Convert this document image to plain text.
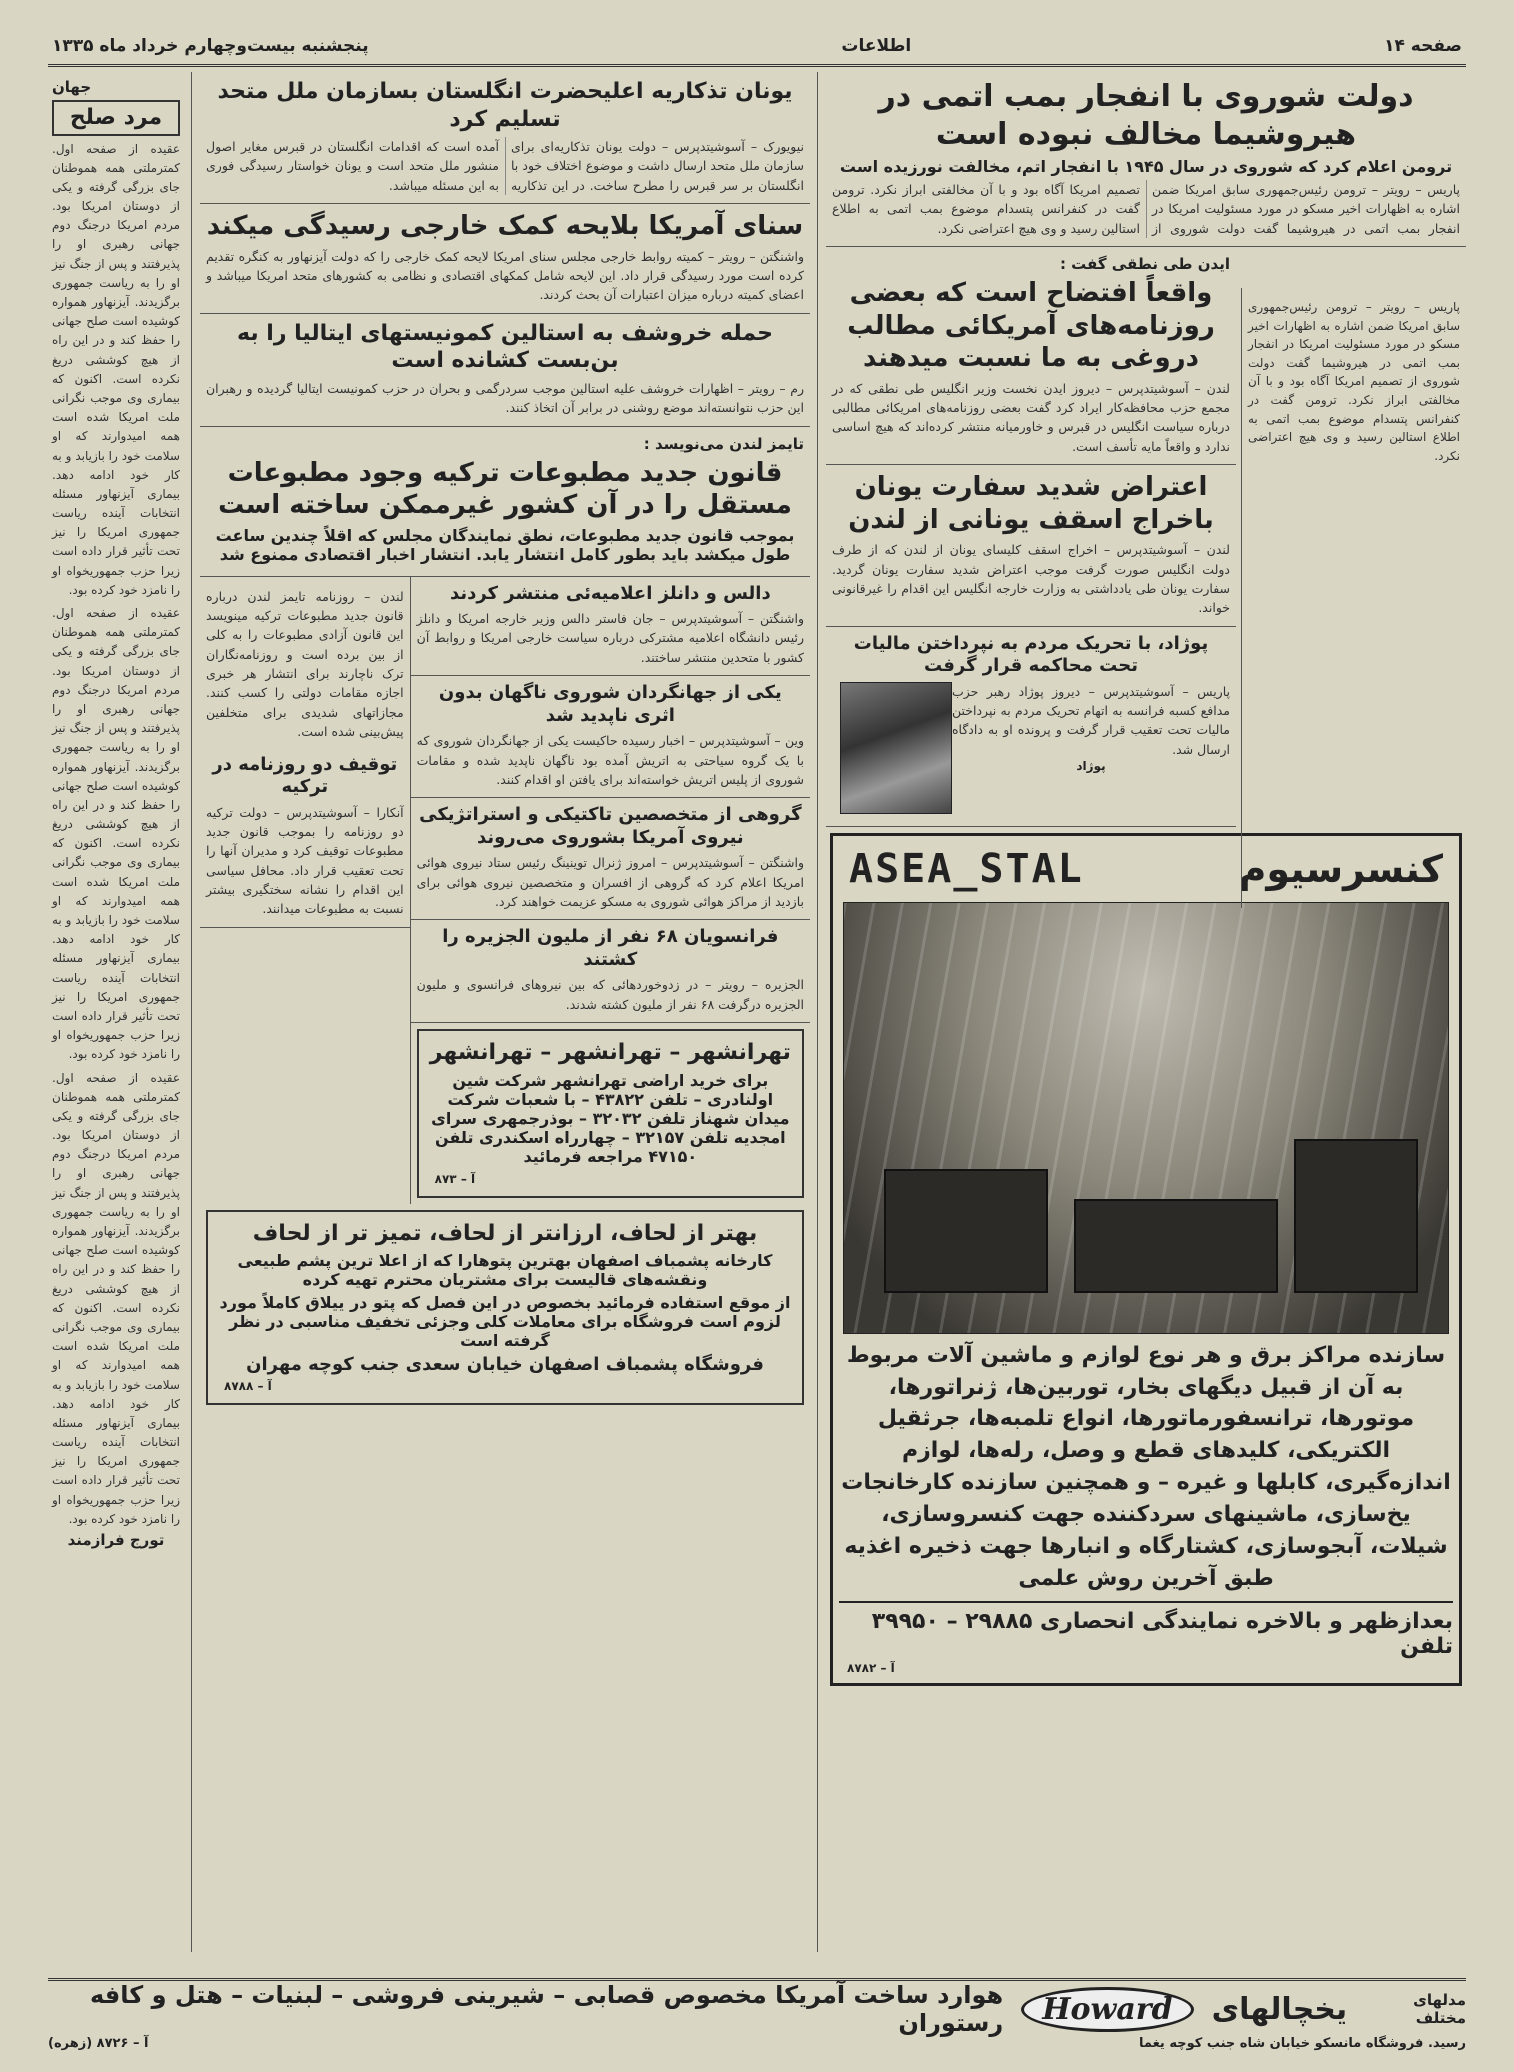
صفحه ۱۴
اطلاعات
پنجشنبه بیست‌وچهارم خرداد ماه ۱۳۳۵
دولت شوروی با انفجار بمب اتمی در هیروشیما مخالف نبوده است
ترومن اعلام کرد که شوروی در سال ۱۹۴۵ با انفجار اتم، مخالفت نورزیده است
پاریس – رویتر – ترومن رئیس‌جمهوری سابق امریکا ضمن اشاره به اظهارات اخیر مسکو در مورد مسئولیت امریکا در انفجار بمب اتمی در هیروشیما گفت دولت شوروی از تصمیم امریکا آگاه بود و با آن مخالفتی ابراز نکرد. ترومن گفت در کنفرانس پتسدام موضوع بمب اتمی به اطلاع استالین رسید و وی هیچ اعتراضی نکرد.
ایدن طی نطقی گفت :
واقعاً افتضاح است که بعضی روزنامه‌های آمریکائی مطالب دروغی به ما نسبت میدهند
لندن – آسوشیتدپرس – دیروز ایدن نخست وزیر انگلیس طی نطقی که در مجمع حزب محافظه‌کار ایراد کرد گفت بعضی روزنامه‌های امریکائی مطالبی درباره سیاست انگلیس در قبرس و خاورمیانه منتشر کرده‌اند که هیچ اساسی ندارد و واقعاً مایه تأسف است.
اعتراض شدید سفارت یونان باخراج اسقف یونانی از لندن
لندن – آسوشیتدپرس – اخراج اسقف کلیسای یونان از لندن که از طرف دولت انگلیس صورت گرفت موجب اعتراض شدید سفارت یونان گردید. سفارت یونان طی یادداشتی به وزارت خارجه انگلیس این اقدام را غیرقانونی خواند.
پوژاد، با تحریک مردم به نپرداختن مالیات تحت محاکمه قرار گرفت
پاریس – آسوشیتدپرس – دیروز پوژاد رهبر حزب مدافع کسبه فرانسه به اتهام تحریک مردم به نپرداختن مالیات تحت تعقیب قرار گرفت و پرونده او به دادگاه ارسال شد.
پوژاد
کنسرسیوم
ASEA_STAL
سازنده مراکز برق و هر نوع لوازم و ماشین آلات مربوط به آن از قبیل دیگهای بخار، توربین‌ها، ژنراتورها، موتورها، ترانسفورماتورها، انواع تلمبه‌ها، جرثقیل الکتریکی، کلیدهای قطع و وصل، رله‌ها، لوازم اندازه‌گیری، کابلها و غیره – و همچنین سازنده کارخانجات یخ‌سازی، ماشینهای سردکننده جهت کنسروسازی، شیلات، آبجوسازی، کشتارگاه و انبارها جهت ذخیره اغذیه طبق آخرین روش علمی
بعدازظهر و بالاخره نمایندگی انحصاری ۲۹۸۸۵ – ۳۹۹۵۰ تلفن
آ – ۸۷۸۲
پاریس – رویتر – ترومن رئیس‌جمهوری سابق امریکا ضمن اشاره به اظهارات اخیر مسکو در مورد مسئولیت امریکا در انفجار بمب اتمی در هیروشیما گفت دولت شوروی از تصمیم امریکا آگاه بود و با آن مخالفتی ابراز نکرد. ترومن گفت در کنفرانس پتسدام موضوع بمب اتمی به اطلاع استالین رسید و وی هیچ اعتراضی نکرد.
یونان تذکاریه اعلیحضرت انگلستان بسازمان ملل متحد تسلیم کرد
نیویورک – آسوشیتدپرس – دولت یونان تذکاریه‌ای برای سازمان ملل متحد ارسال داشت و موضوع اختلاف خود با انگلستان بر سر قبرس را مطرح ساخت. در این تذکاریه آمده است که اقدامات انگلستان در قبرس مغایر اصول منشور ملل متحد است و یونان خواستار رسیدگی فوری به این مسئله میباشد.
سنای آمریکا بلایحه کمک خارجی رسیدگی میکند
واشنگتن – رویتر – کمیته روابط خارجی مجلس سنای امریکا لایحه کمک خارجی را که دولت آیزنهاور به کنگره تقدیم کرده است مورد رسیدگی قرار داد. این لایحه شامل کمکهای اقتصادی و نظامی به کشورهای متحد امریکا میباشد و اعضای کمیته درباره میزان اعتبارات آن بحث کردند.
حمله خروشف به استالین کمونیستهای ایتالیا را به بن‌بست کشانده است
رم – رویتر – اظهارات خروشف علیه استالین موجب سردرگمی و بحران در حزب کمونیست ایتالیا گردیده و رهبران این حزب نتوانسته‌اند موضع روشنی در برابر آن اتخاذ کنند.
تایمز لندن می‌نویسد :
قانون جدید مطبوعات ترکیه وجود مطبوعات مستقل را در آن کشور غیرممکن ساخته است
بموجب قانون جدید مطبوعات، نطق نمایندگان مجلس که اقلاً چندین ساعت طول میکشد باید بطور کامل انتشار یابد. انتشار اخبار اقتصادی ممنوع شد
دالس و دانلز اعلامیه‌ئی منتشر کردند
واشنگتن – آسوشیتدپرس – جان فاستر دالس وزیر خارجه امریکا و دانلز رئیس دانشگاه اعلامیه مشترکی درباره سیاست خارجی امریکا و روابط آن کشور با متحدین منتشر ساختند.
یکی از جهانگردان شوروی ناگهان بدون اثری ناپدید شد
وین – آسوشیتدپرس – اخبار رسیده حاکیست یکی از جهانگردان شوروی که با یک گروه سیاحتی به اتریش آمده بود ناگهان ناپدید شده و مقامات شوروی از پلیس اتریش خواسته‌اند برای یافتن او اقدام کنند.
گروهی از متخصصین تاکتیکی و استراتژیکی نیروی آمریکا بشوروی می‌روند
واشنگتن – آسوشیتدپرس – امروز ژنرال توینینگ رئیس ستاد نیروی هوائی امریکا اعلام کرد که گروهی از افسران و متخصصین نیروی هوائی برای بازدید از مراکز هوائی شوروی به مسکو عزیمت خواهند کرد.
فرانسویان ۶۸ نفر از ملیون الجزیره را کشتند
الجزیره – رویتر – در زدوخوردهائی که بین نیروهای فرانسوی و ملیون الجزیره درگرفت ۶۸ نفر از ملیون کشته شدند.
تهرانشهر – تهرانشهر – تهرانشهر
برای خرید اراضی تهرانشهر شرکت شین اولنادری – تلفن ۴۳۸۲۲ – با شعبات شرکت میدان شهناز تلفن ۳۲۰۳۲ – بوذرجمهری سرای امجدیه تلفن ۳۲۱۵۷ – چهارراه اسکندری تلفن ۴۷۱۵۰ مراجعه فرمائید
آ – ۸۷۳
لندن – روزنامه تایمز لندن درباره قانون جدید مطبوعات ترکیه مینویسد این قانون آزادی مطبوعات را به کلی از بین برده است و روزنامه‌نگاران ترک ناچارند برای انتشار هر خبری اجازه مقامات دولتی را کسب کنند. مجازاتهای شدیدی برای متخلفین پیش‌بینی شده است.
توقیف دو روزنامه در ترکیه
آنکارا – آسوشیتدپرس – دولت ترکیه دو روزنامه را بموجب قانون جدید مطبوعات توقیف کرد و مدیران آنها را تحت تعقیب قرار داد. محافل سیاسی این اقدام را نشانه سختگیری بیشتر نسبت به مطبوعات میدانند.
بهتر از لحاف، ارزانتر از لحاف، تمیز تر از لحاف
کارخانه پشمباف اصفهان بهترین پتوهارا که از اعلا ترین پشم طبیعی ونقشه‌های قالیست برای مشتریان محترم تهیه کرده
از موقع استفاده فرمائید بخصوص در این فصل که پتو در ییلاق کاملاً مورد لزوم است فروشگاه برای معاملات کلی وجزئی تخفیف مناسبی در نظر گرفته است
فروشگاه پشمباف اصفهان خیابان سعدی جنب کوچه مهران
آ – ۸۷۸۸
جهان
مرد صلح
عقیده از صفحه اول. کمترملتی همه هموطنان جای بزرگی گرفته و یکی از دوستان امریکا بود. مردم امریکا درجنگ دوم جهانی رهبری او را پذیرفتند و پس از جنگ نیز او را به ریاست جمهوری برگزیدند. آیزنهاور همواره کوشیده است صلح جهانی را حفظ کند و در این راه از هیچ کوششی دریغ نکرده است. اکنون که بیماری وی موجب نگرانی ملت امریکا شده است همه امیدوارند که او سلامت خود را بازیابد و به کار خود ادامه دهد. بیماری آیزنهاور مسئله انتخابات آینده ریاست جمهوری امریکا را نیز تحت تأثیر قرار داده است زیرا حزب جمهوریخواه او را نامزد خود کرده بود.
عقیده از صفحه اول. کمترملتی همه هموطنان جای بزرگی گرفته و یکی از دوستان امریکا بود. مردم امریکا درجنگ دوم جهانی رهبری او را پذیرفتند و پس از جنگ نیز او را به ریاست جمهوری برگزیدند. آیزنهاور همواره کوشیده است صلح جهانی را حفظ کند و در این راه از هیچ کوششی دریغ نکرده است. اکنون که بیماری وی موجب نگرانی ملت امریکا شده است همه امیدوارند که او سلامت خود را بازیابد و به کار خود ادامه دهد. بیماری آیزنهاور مسئله انتخابات آینده ریاست جمهوری امریکا را نیز تحت تأثیر قرار داده است زیرا حزب جمهوریخواه او را نامزد خود کرده بود.
عقیده از صفحه اول. کمترملتی همه هموطنان جای بزرگی گرفته و یکی از دوستان امریکا بود. مردم امریکا درجنگ دوم جهانی رهبری او را پذیرفتند و پس از جنگ نیز او را به ریاست جمهوری برگزیدند. آیزنهاور همواره کوشیده است صلح جهانی را حفظ کند و در این راه از هیچ کوششی دریغ نکرده است. اکنون که بیماری وی موجب نگرانی ملت امریکا شده است همه امیدوارند که او سلامت خود را بازیابد و به کار خود ادامه دهد. بیماری آیزنهاور مسئله انتخابات آینده ریاست جمهوری امریکا را نیز تحت تأثیر قرار داده است زیرا حزب جمهوریخواه او را نامزد خود کرده بود.
تورج فرازمند
مدلهای مختلف
یخچالهای
Howard
هوارد ساخت آمریکا مخصوص قصابی – شیرینی فروشی – لبنیات – هتل و کافه رستوران
رسید. فروشگاه مانسکو خیابان شاه جنب کوچه یغما
آ – ۸۷۲۶ (زهره)
